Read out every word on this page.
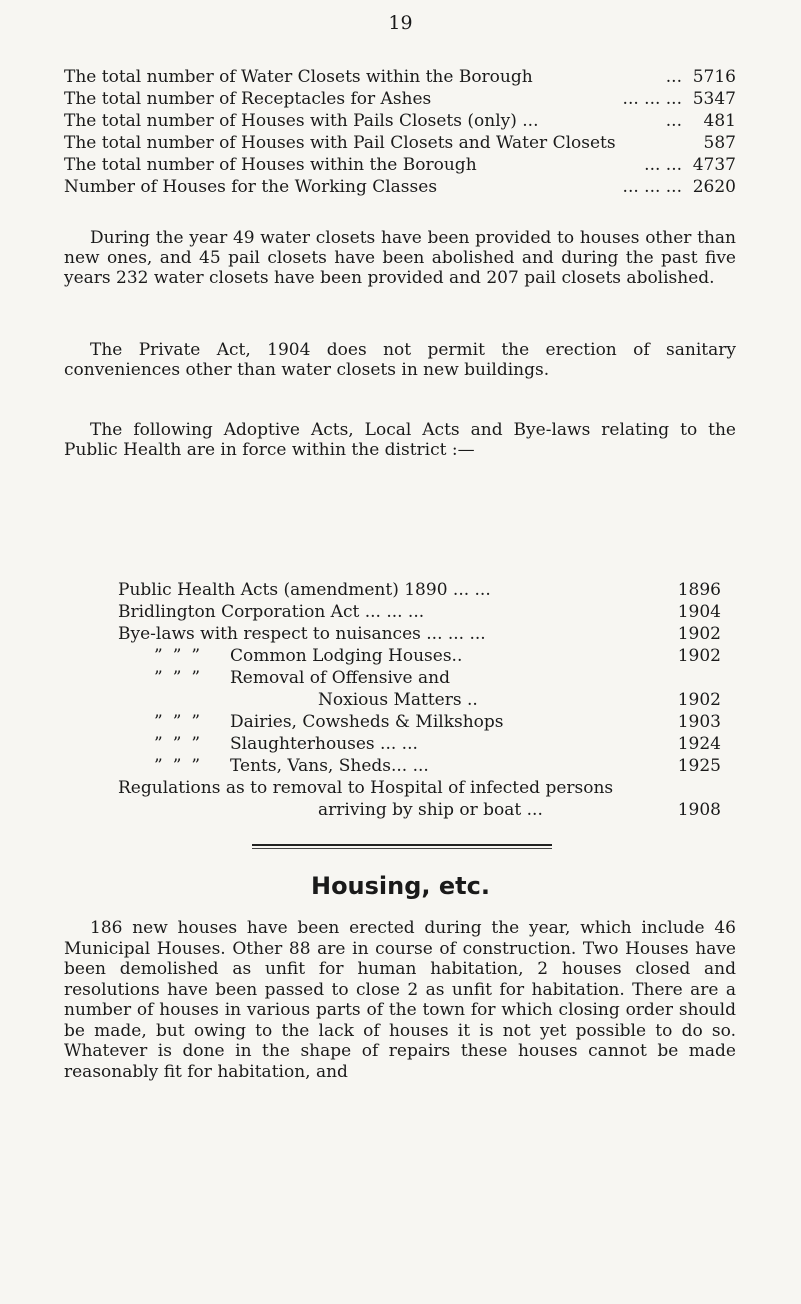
19
The total number of Water Closets within the Borough	... 5716
The total number of Receptacles for Ashes	... ... ... 5347
The total number of Houses with Pails Closets (only) ...	...	481
The total number of Houses with Pail Closets and Water Closets	587
The total number of Houses within the Borough	... ... 4737
Number of Houses for the Working Classes	... ... ... 2620

During the year 49 water closets have been provided to houses other than new ones, and 45 pail closets have been abolished and during the past five years 232 water closets have been provided and 207 pail closets abolished.

The Private Act, 1904 does not permit the erection of sanitary conveniences other than water closets in new buildings.

The following Adoptive Acts, Local Acts and Bye-laws relating to the Public Health are in force within the district :—

Public Health Acts (amendment) 1890 ... ...	1896
Bridlington Corporation Act ... ... ...	1904
Bye-laws with respect to nuisances ... ... ...	1902
” ” ”	Common Lodging Houses..	1902
” ” ”	Removal of Offensive and
Noxious Matters ..	1902
” ” ”	Dairies, Cowsheds & Milkshops	1903
” ” ”	Slaughterhouses ... ...	1924
” ” ”	Tents, Vans, Sheds... ...	1925
Regulations as to removal to Hospital of infected persons
arriving by ship or boat ...	1908
Housing, etc.

186 new houses have been erected during the year, which include 46 Municipal Houses. Other 88 are in course of construction. Two Houses have been demolished as unfit for human habitation, 2 houses closed and resolutions have been passed to close 2 as unfit for habitation. There are a number of houses in various parts of the town for which closing order should be made, but owing to the lack of houses it is not yet possible to do so. Whatever is done in the shape of repairs these houses cannot be made reasonably fit for habitation, and
